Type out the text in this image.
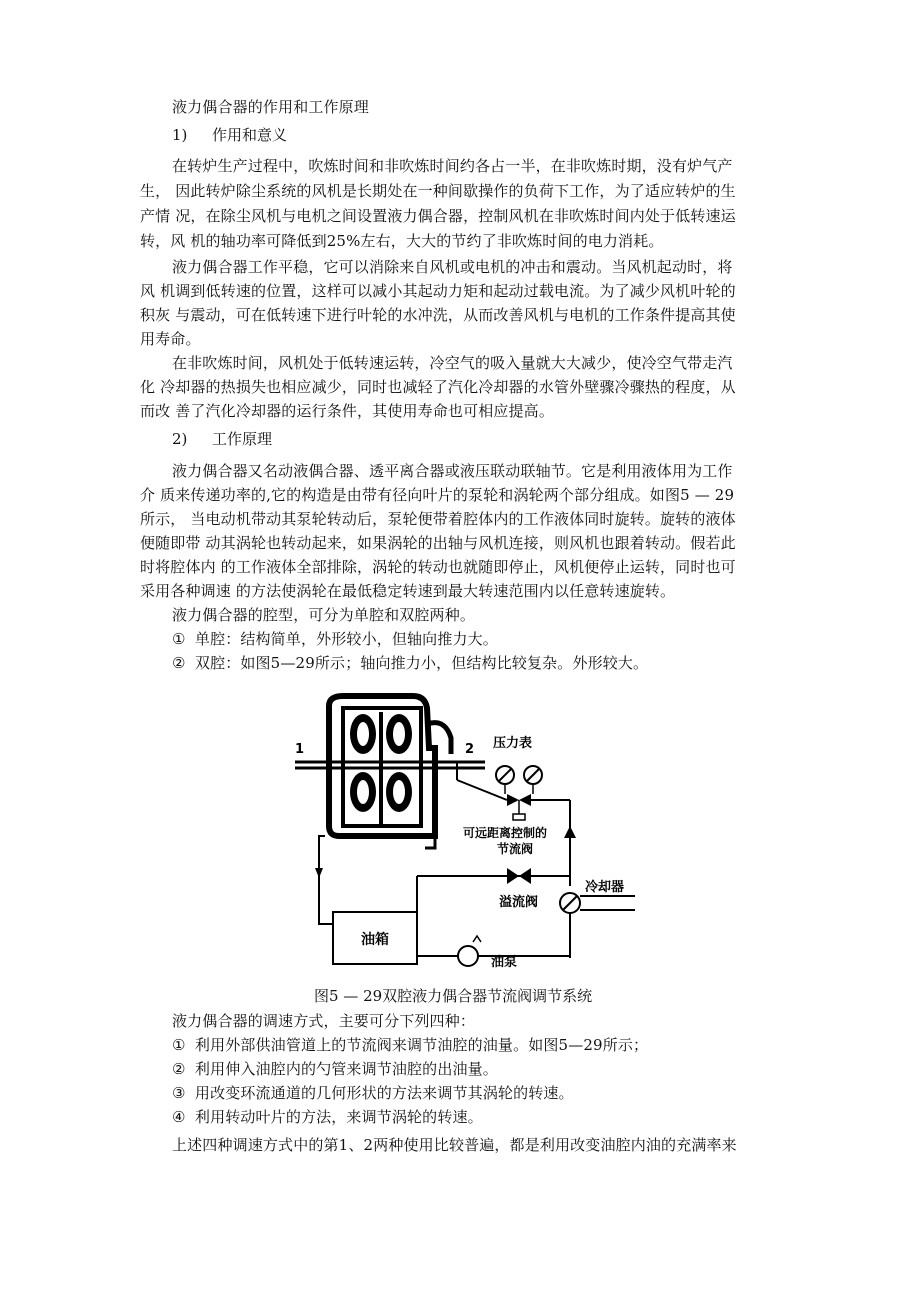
液力偶合器的作用和工作原理
1) 作用和意义
在转炉生产过程中，吹炼时间和非吹炼时间约各占一半，在非吹炼时期，没有炉气产
生， 因此转炉除尘系统的风机是长期处在一种间歇操作的负荷下工作，为了适应转炉的生
产情 况，在除尘风机与电机之间设置液力偶合器，控制风机在非吹炼时间内处于低转速运
转，风 机的轴功率可降低到25%左右，大大的节约了非吹炼时间的电力消耗。
液力偶合器工作平稳，它可以消除来自风机或电机的冲击和震动。当风机起动时，将
风 机调到低转速的位置，这样可以减小其起动力矩和起动过载电流。为了减少风机叶轮的
积灰 与震动，可在低转速下进行叶轮的水冲洗，从而改善风机与电机的工作条件提高其使
用寿命。
在非吹炼时间，风机处于低转速运转，冷空气的吸入量就大大减少，使冷空气带走汽
化 冷却器的热损失也相应减少，同时也减轻了汽化冷却器的水管外壁骤冷骤热的程度，从
而改 善了汽化冷却器的运行条件，其使用寿命也可相应提高。
2) 工作原理
液力偶合器又名动液偶合器、透平离合器或液压联动联轴节。它是利用液体用为工作
介 质来传递功率的,它的构造是由带有径向叶片的泵轮和涡轮两个部分组成。如图5 — 29
所示， 当电动机带动其泵轮转动后，泵轮便带着腔体内的工作液体同时旋转。旋转的液体
便随即带 动其涡轮也转动起来，如果涡轮的出轴与风机连接，则风机也跟着转动。假若此
时将腔体内 的工作液体全部排除，涡轮的转动也就随即停止，风机便停止运转，同时也可
采用各种调速 的方法使涡轮在最低稳定转速到最大转速范围内以任意转速旋转。
液力偶合器的腔型，可分为单腔和双腔两种。
① 单腔：结构简单，外形较小，但轴向推力大。
② 双腔：如图5—29所示；轴向推力小，但结构比较复杂。外形较大。
1	2 压力表
可远距离控制的
节流阀
溢流阀
冷却器
油箱
油泵
图5 — 29双腔液力偶合器节流阀调节系统
液力偶合器的调速方式，主要可分下列四种：
① 利用外部供油管道上的节流阀来调节油腔的油量。如图5—29所示；
② 利用伸入油腔内的勺管来调节油腔的出油量。
③ 用改变环流通道的几何形状的方法来调节其涡轮的转速。
④ 利用转动叶片的方法，来调节涡轮的转速。
上述四种调速方式中的第1、2两种使用比较普遍，都是利用改变油腔内油的充满率来
